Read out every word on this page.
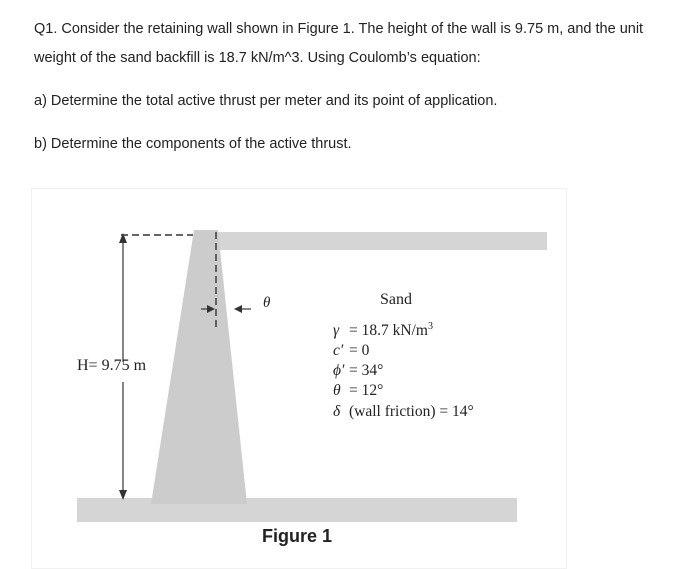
Q1. Consider the retaining wall shown in Figure 1. The height of the wall is 9.75 m, and the unit
weight of the sand backfill is 18.7 kN/m^3. Using Coulomb’s equation:
a) Determine the total active thrust per meter and its point of application.
b) Determine the components of the active thrust.
H= 9.75 m
θ	Sand
γ = 18.7 $kN/m^3$
c′ = 0
ϕ′ = 34°
θ = 12°
δ (wall friction) = 14°
Figure 1
